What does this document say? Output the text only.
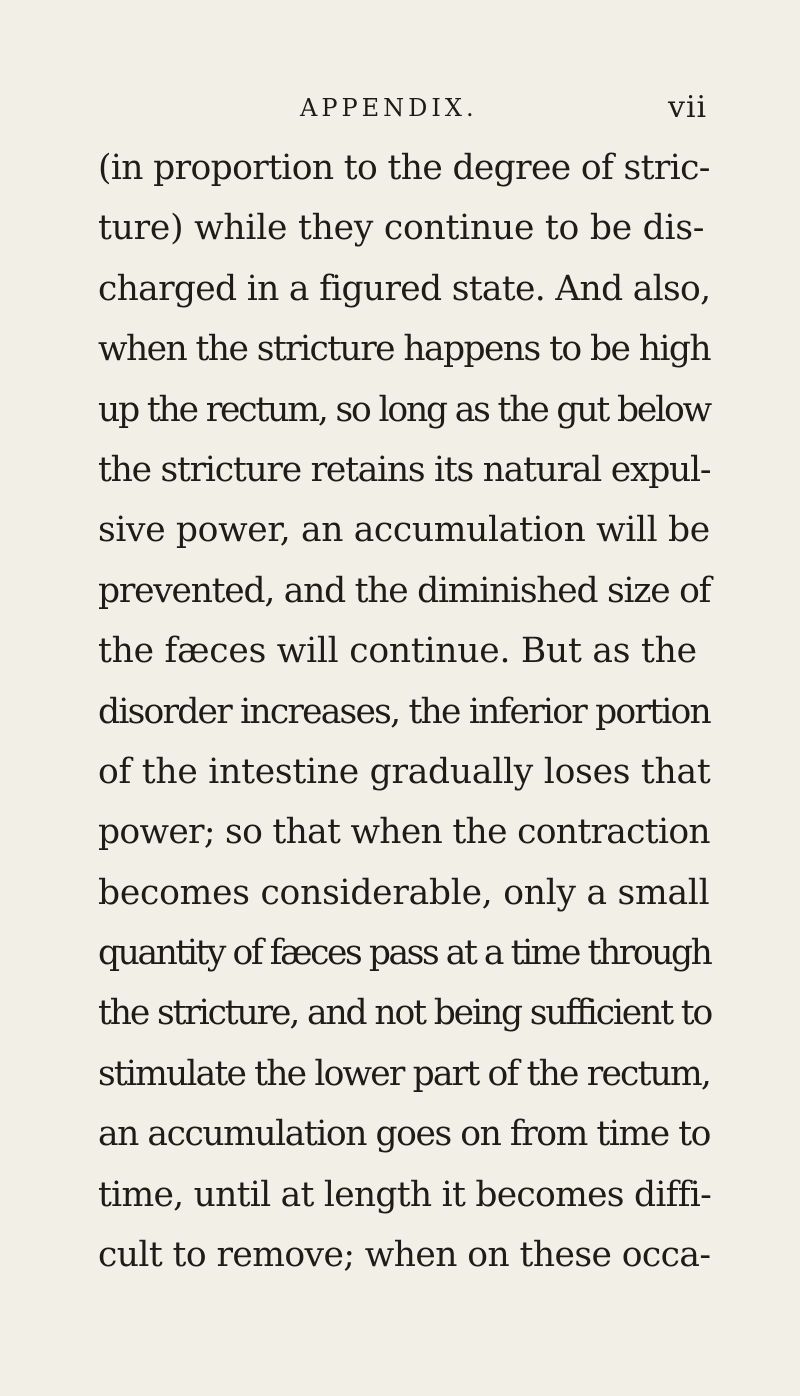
APPENDIX.	vii
(in proportion to the degree of stric-
ture) while they continue to be dis-
charged in a figured state. And also,
when the stricture happens to be high
up the rectum, so long as the gut below
the stricture retains its natural expul-
sive power, an accumulation will be
prevented, and the diminished size of
the fæces will continue. But as the
disorder increases, the inferior portion
of the intestine gradually loses that
power; so that when the contraction
becomes considerable, only a small
quantity of fæces pass at a time through
the stricture, and not being sufficient to
stimulate the lower part of the rectum,
an accumulation goes on from time to
time, until at length it becomes diffi-
cult to remove; when on these occa-
